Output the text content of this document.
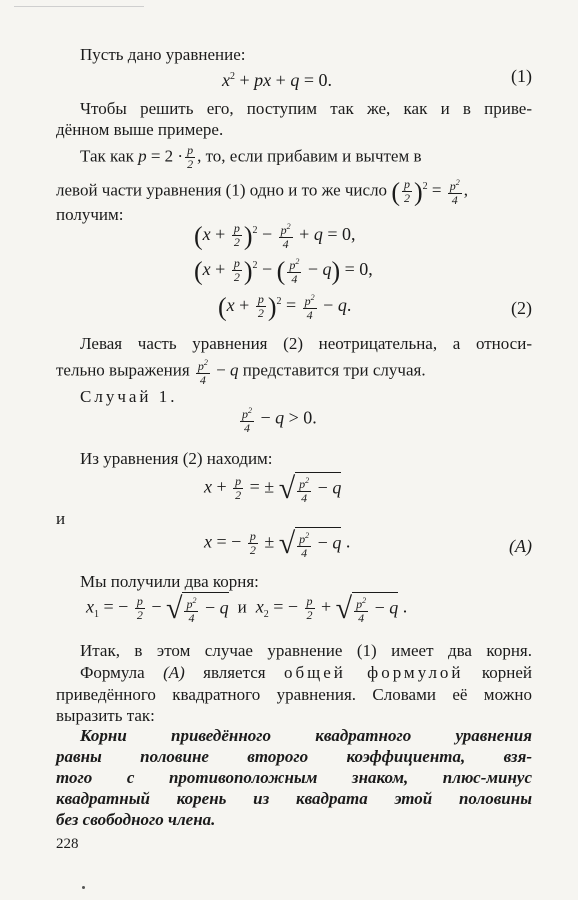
Пусть дано уравнение:
$x^2$ + px + q = 0.	(1)
Чтобы решить его, поступим так же, как и в приве-
дённом выше примере.
Так как $p = 2 \cdot \frac{p}{2}$ , то, если прибавим и вычтем в
левой части уравнения (1) одно и то же число ( $\frac{p}{2} )^2 = \frac{p^2}{4}$ ,
получим:
$(x + \frac{p}{2} )^2 - \frac{p^2}{4} + q = 0$,
$(x + \frac{p}{2} )^2$ − ( $\frac{p^2}{4} - q) = 0$,
$(x + \frac{p}{2} )^2 = \frac{p^2}{4} - q$.	(2)
Левая часть уравнения (2) неотрицательна, а относи-
тельно выражения $\frac{p^2}{4} - q$ представится три случая.
Случай 1.
$\frac{p^2}{4} - q > 0$.
Из уравнения (2) находим:
$x + \frac{p}{2}$ = ± √ $\frac{p^2}{4} - q$
и
x = − $\frac{p}{2}$ ± √ $\frac{p^2}{4} - q$ .	(A)
Мы получили два корня:
$x_1$ = − $\frac{p}{2}$ − √ $\frac{p^2}{4} - q$ и $x_2$ = − $\frac{p}{2}$ + √ $\frac{p^2}{4} - q$ .
Итак, в этом случае уравнение (1) имеет два корня.
Формула (A) является общей формулой корней
приведённого квадратного уравнения. Словами её можно
выразить так:
Корни приведённого квадратного уравнения
равны половине второго коэффициента, взя-
того с противоположным знаком, плюс-минус
квадратный корень из квадрата этой половины
без свободного члена.
228
